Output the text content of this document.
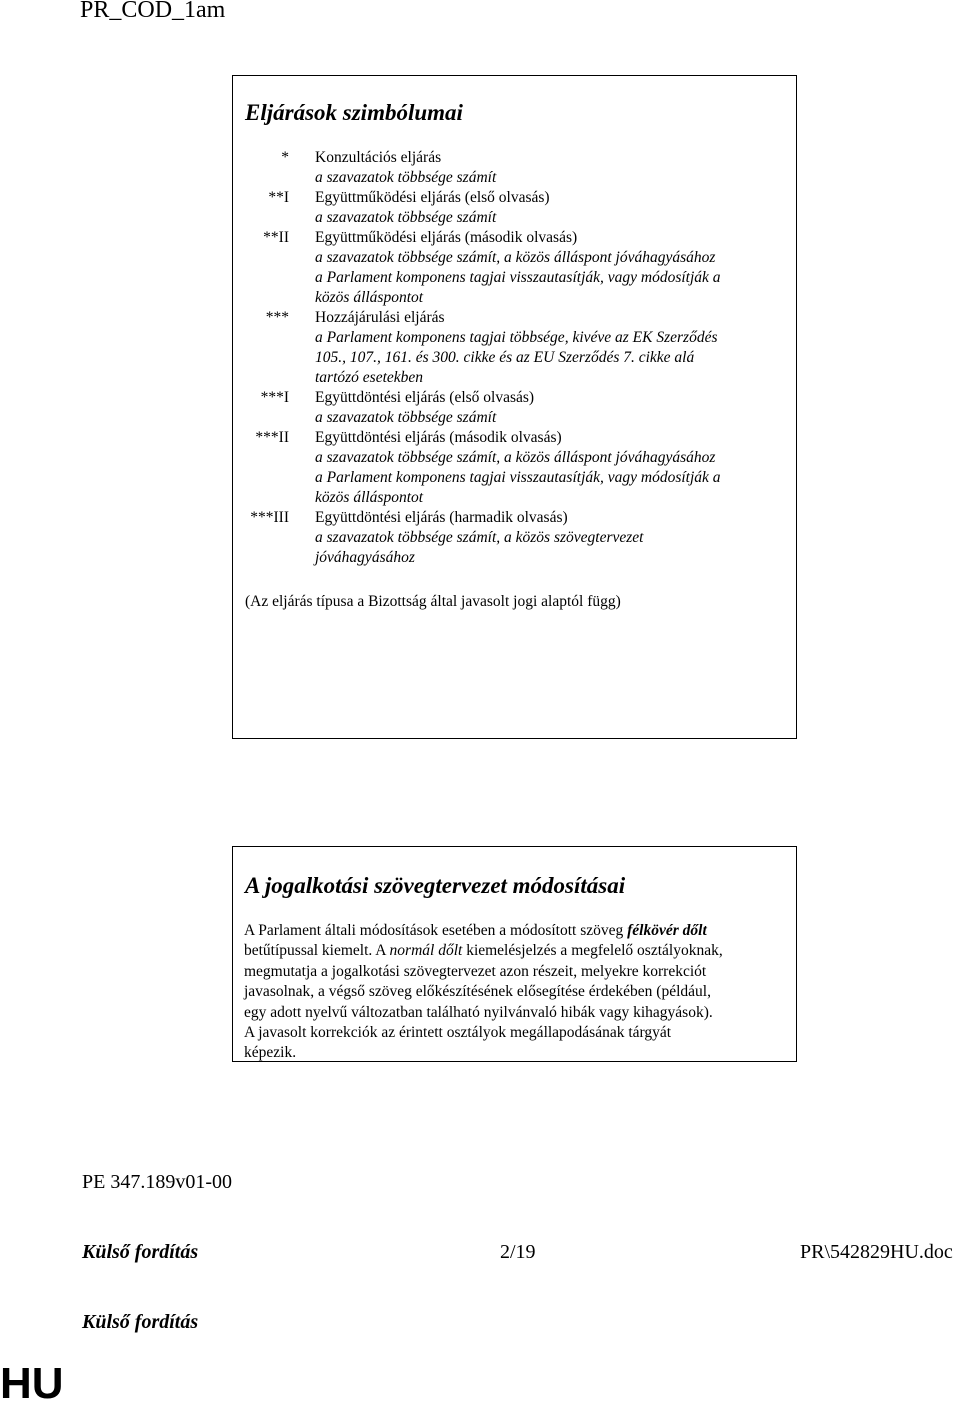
PR_COD_1am
Eljárások szimbólumai
* Konzultációs eljárás
a szavazatok többsége számít
**I Együttműködési eljárás (első olvasás)
a szavazatok többsége számít
**II Együttműködési eljárás (második olvasás)
a szavazatok többsége számít, a közös álláspont jóváhagyásához
a Parlament komponens tagjai visszautasítják, vagy módosítják a
közös álláspontot
*** Hozzájárulási eljárás
a Parlament komponens tagjai többsége, kivéve az EK Szerződés
105., 107., 161. és 300. cikke és az EU Szerződés 7. cikke alá
tartózó esetekben
***I Együttdöntési eljárás (első olvasás)
a szavazatok többsége számít
***II Együttdöntési eljárás (második olvasás)
a szavazatok többsége számít, a közös álláspont jóváhagyásához
a Parlament komponens tagjai visszautasítják, vagy módosítják a
közös álláspontot
***III Együttdöntési eljárás (harmadik olvasás)
a szavazatok többsége számít, a közös szövegtervezet
jóváhagyásához
(Az eljárás típusa a Bizottság által javasolt jogi alaptól függ)
A jogalkotási szövegtervezet módosításai
A Parlament általi módosítások esetében a módosított szöveg félkövér dőlt
betűtípussal kiemelt. A normál dőlt kiemelésjelzés a megfelelő osztályoknak,
megmutatja a jogalkotási szövegtervezet azon részeit, melyekre korrekciót
javasolnak, a végső szöveg előkészítésének elősegítése érdekében (például,
egy adott nyelvű változatban található nyilvánvaló hibák vagy kihagyások).
A javasolt korrekciók az érintett osztályok megállapodásának tárgyát
képezik.
PE 347.189v01-00
Külső fordítás	2/19	PR\542829HU.doc
Külső fordítás
HU
